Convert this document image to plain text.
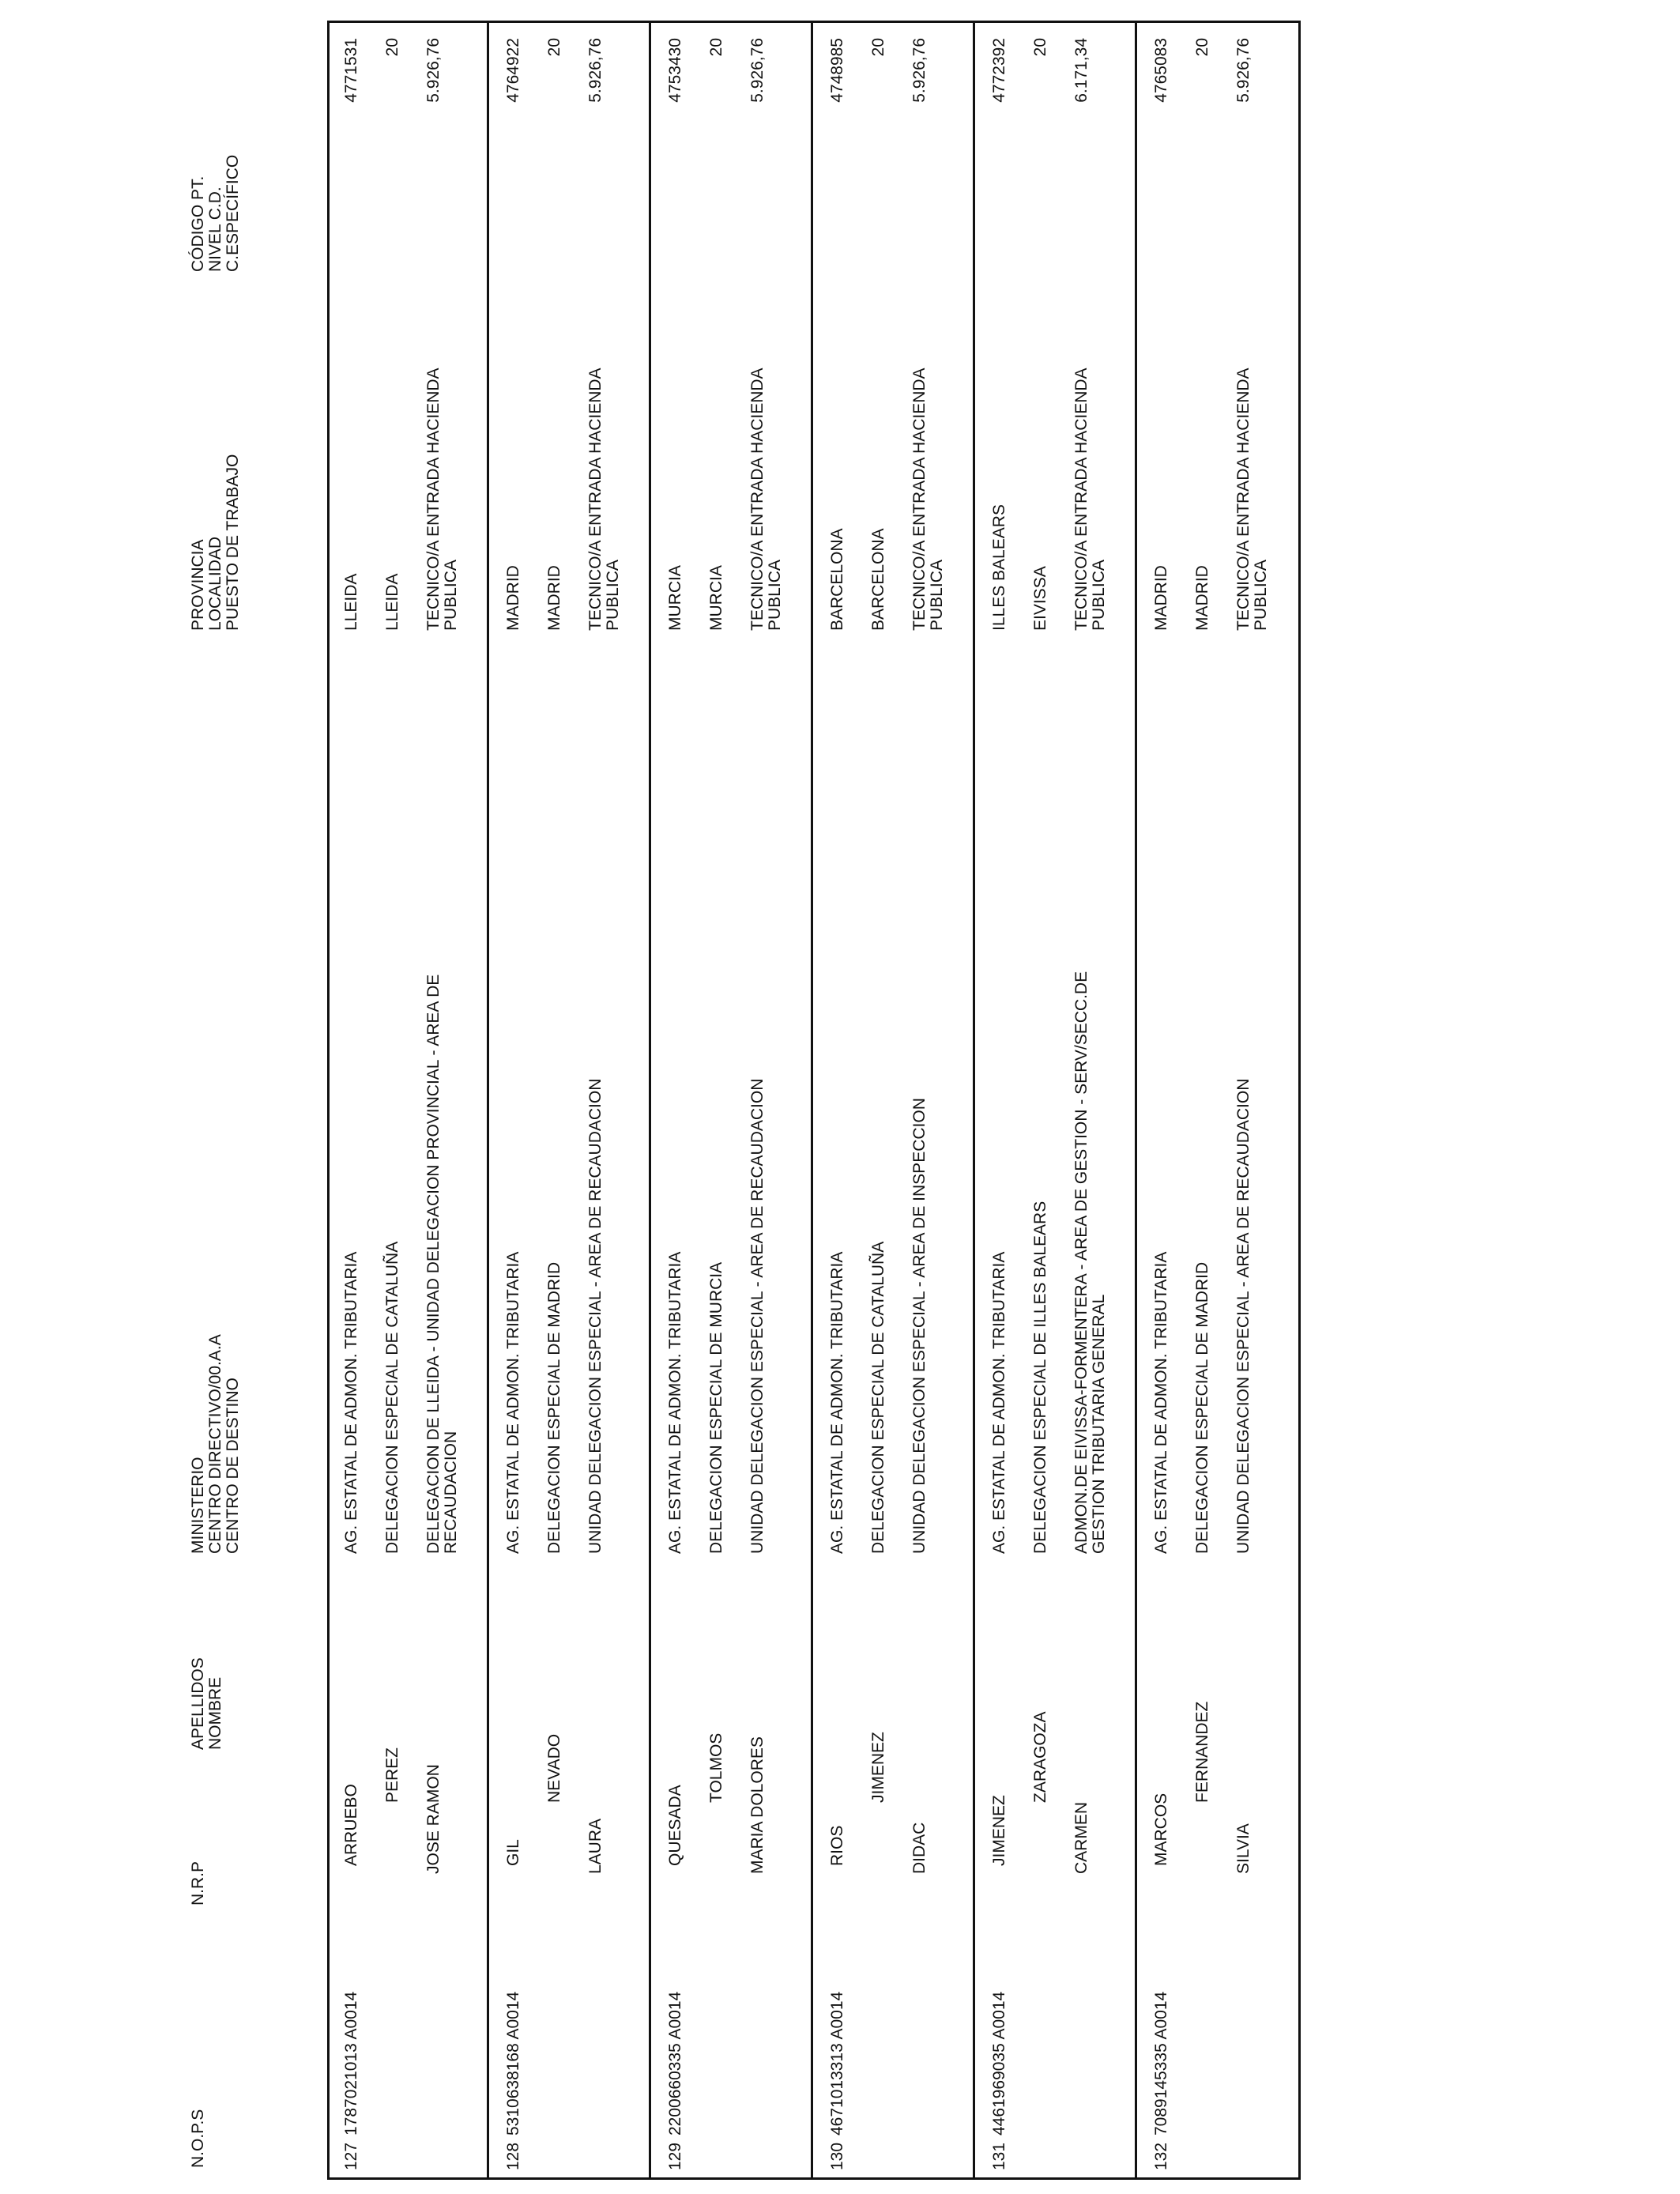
N.O.P.S
N.R.P
APELLIDOS NOMBRE
MINISTERIO CENTRO DIRECTIVO/00.A.A CENTRO DE DESTINO
PROVINCIA LOCALIDAD PUESTO DE TRABAJO
CÓDIGO PT. NIVEL C.D. C.ESPECÍFICO
127
1787021013 A0014
ARRUEBO
PEREZ JOSE RAMON
AG. ESTATAL DE ADMON. TRIBUTARIA DELEGACION ESPECIAL DE CATALUÑA DELEGACION DE LLEIDA - UNIDAD DELEGACION PROVINCIAL - AREA DE RECAUDACION
LLEIDA LLEIDA TECNICO/A ENTRADA HACIENDA PUBLICA
4771531 20 5.926,76
128
5310638168 A0014
GIL
NEVADO
LAURA
AG. ESTATAL DE ADMON. TRIBUTARIA DELEGACION ESPECIAL DE MADRID UNIDAD DELEGACION ESPECIAL - AREA DE RECAUDACION
MADRID MADRID TECNICO/A ENTRADA HACIENDA PUBLICA
4764922 20 5.926,76
129
2200660335 A0014
QUESADA
TOLMOS MARIA DOLORES
AG. ESTATAL DE ADMON. TRIBUTARIA DELEGACION ESPECIAL DE MURCIA UNIDAD DELEGACION ESPECIAL - AREA DE RECAUDACION
MURCIA MURCIA TECNICO/A ENTRADA HACIENDA PUBLICA
4753430 20 5.926,76
130
4671013313 A0014
RIOS
JIMENEZ
DIDAC
AG. ESTATAL DE ADMON. TRIBUTARIA DELEGACION ESPECIAL DE CATALUÑA UNIDAD DELEGACION ESPECIAL - AREA DE INSPECCION
BARCELONA BARCELONA TECNICO/A ENTRADA HACIENDA PUBLICA
4748985 20 5.926,76
131
4461969035 A0014
JIMENEZ
ZARAGOZA
CARMEN
AG. ESTATAL DE ADMON. TRIBUTARIA DELEGACION ESPECIAL DE ILLES BALEARS ADMON.DE EIVISSA-FORMENTERA - AREA DE GESTION - SERV/SECC.DE GESTION TRIBUTARIA GENERAL
ILLES BALEARS EIVISSA TECNICO/A ENTRADA HACIENDA PUBLICA
4772392 20 6.171,34
132
7089145335 A0014
MARCOS
FERNANDEZ
SILVIA
AG. ESTATAL DE ADMON. TRIBUTARIA DELEGACION ESPECIAL DE MADRID UNIDAD DELEGACION ESPECIAL - AREA DE RECAUDACION
MADRID MADRID TECNICO/A ENTRADA HACIENDA PUBLICA
4765083 20 5.926,76
